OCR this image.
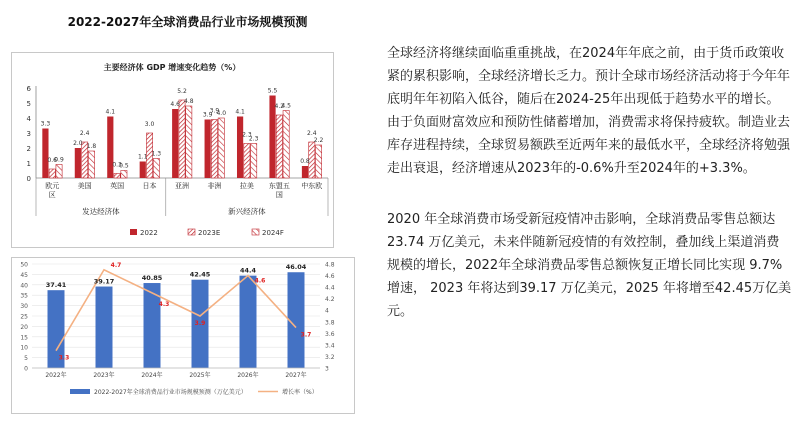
2022-2027年全球消费品行业市场规模预测
主要经济体 GDP 增速变化趋势（%）
0
1
2
3
4
5
6
3.3
0.6
0.9
2.0
2.4
1.8
4.1
0.3
0.5
1.1
3.0
1.3
4.6
5.2
4.8
3.9
3.9
4.0 4.1
2.3
2.3
5.5
4.2
4.5
0.8
2.4
2.2
欧元
区
美国	英国	日本	亚洲	非洲	拉美 东盟五
国
中东欧
发达经济体	新兴经济体
2022	2023E	2024F
37.41	39.17	40.85	42.45
44.4	46.04
3.3
4.7
4.3
3.9
4.6
3.7
0
5
10
15
20
25
30
35
40
45
50
3
3.2
3.4
3.6
3.8
4
4.2
4.4
4.6
4.8
2022年	2023年	2024年	2025年	2026年	2027年
2022-2027年全球消费品行业市场规模预测（万亿美元）	增长率（%）

全球经济将继续面临重重挑战，在2024年年底之前，由于货币政策收紧的累积影响，全球经济增长乏力。预计全球市场经济活动将于今年年底明年年初陷入低谷，随后在2024-25年出现低于趋势水平的增长。由于负面财富效应和预防性储蓄增加，消费需求将保持疲软。制造业去库存进程持续，全球贸易额跌至近两年来的最低水平，全球经济将勉强走出衰退，经济增速从2023年的-0.6%升至2024年的+3.3%。

2020 年全球消费市场受新冠疫情冲击影响，全球消费品零售总额达 23.74 万亿美元，未来伴随新冠疫情的有效控制，叠加线上渠道消费规模的增长，2022年全球消费品零售总额恢复正增长同比实现 9.7%增速， 2023 年将达到39.17 万亿美元，2025 年将增至42.45万亿美元。
